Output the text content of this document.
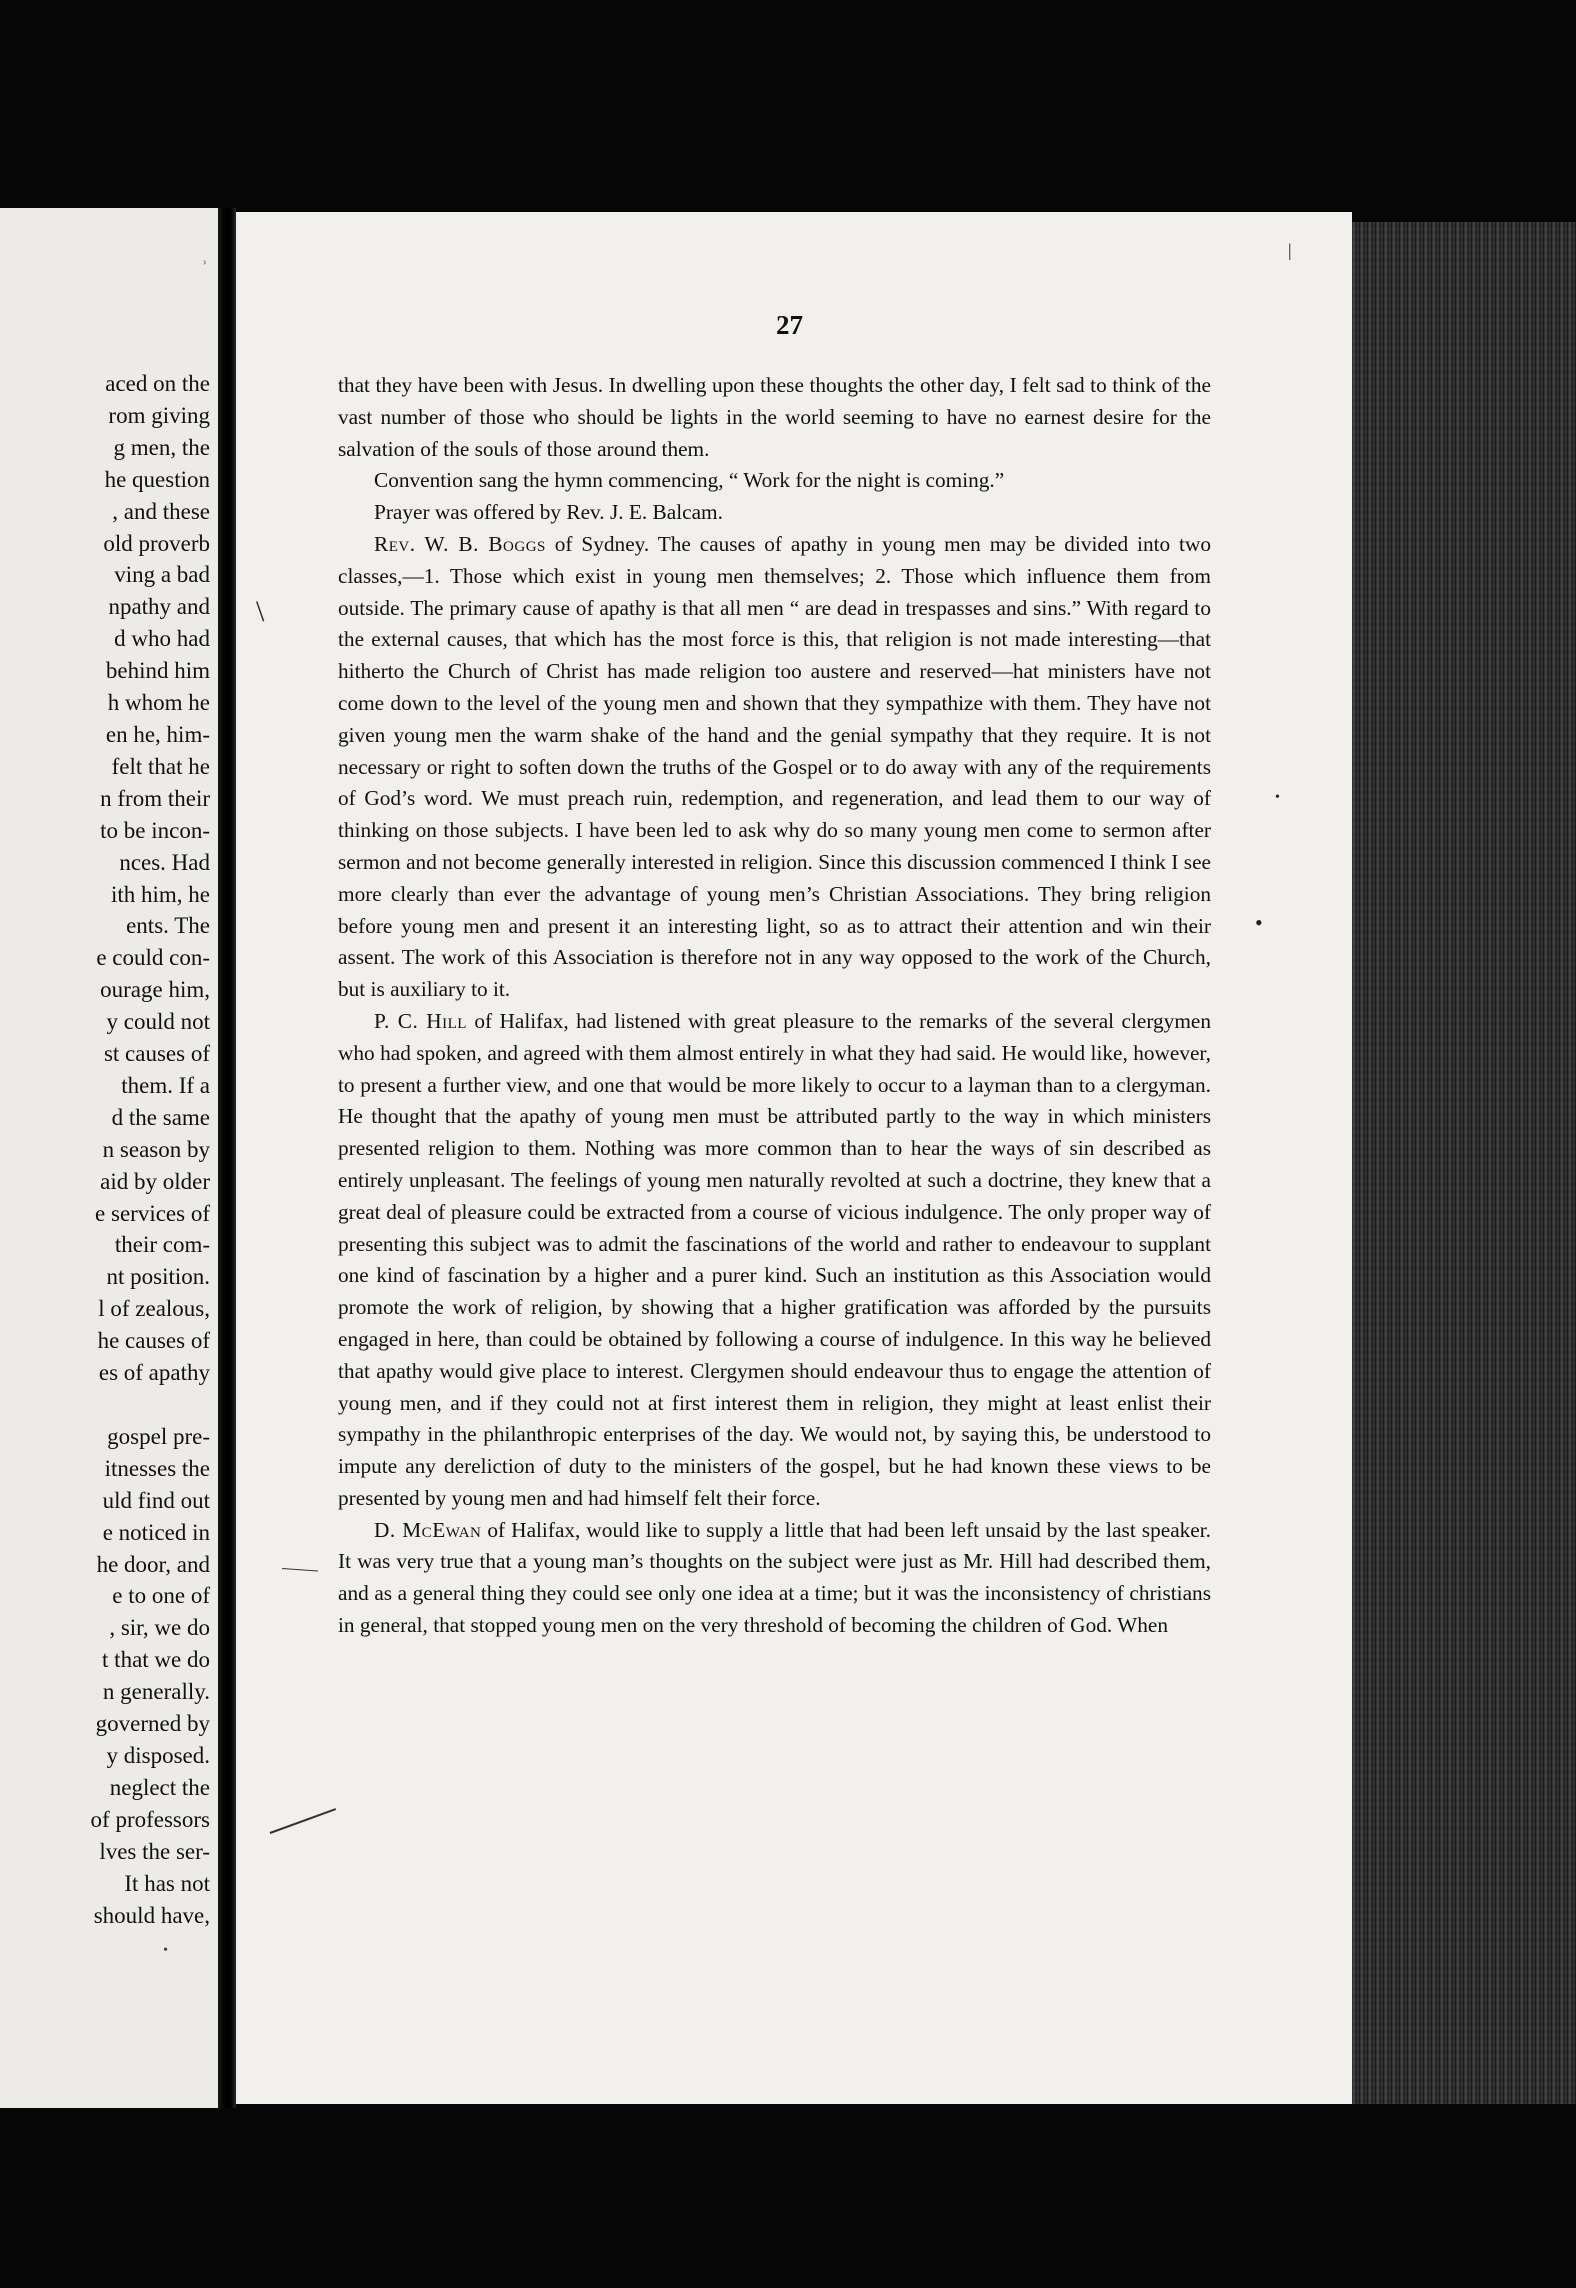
ʾ
aced on the
rom giving
g men, the
he question
, and these
old proverb
ving a bad
npathy and
d who had
behind him
h whom he
en he, him-
felt that he
n from their
to be incon-
nces. Had
ith him, he
ents. The
e could con-
ourage him,
y could not
st causes of
them. If a
d the same
n season by
aid by older
e services of
their com-
nt position.
l of zealous,
he causes of
es of apathy

gospel pre-
itnesses the
uld find out
e noticed in
he door, and
e to one of
, sir, we do
t that we do
n generally.
governed by
y disposed.
neglect the
of professors
lves the ser-
It has not
should have,
•
27

that they have been with Jesus. In dwelling upon these thoughts the other day, I felt sad to think of the vast number of those who should be lights in the world seeming to have no earnest desire for the salvation of the souls of those around them.

Convention sang the hymn commencing, “ Work for the night is coming.”

Prayer was offered by Rev. J. E. Balcam.

Rev. W. B. Boggs of Sydney. The causes of apathy in young men may be divided into two classes,—1. Those which exist in young men themselves; 2. Those which influence them from outside. The primary cause of apathy is that all men “ are dead in trespasses and sins.” With regard to the external causes, that which has the most force is this, that religion is not made interesting—that hitherto the Church of Christ has made religion too austere and reserved—hat ministers have not come down to the level of the young men and shown that they sympathize with them. They have not given young men the warm shake of the hand and the genial sympathy that they require. It is not necessary or right to soften down the truths of the Gospel or to do away with any of the requirements of God’s word. We must preach ruin, redemption, and regeneration, and lead them to our way of thinking on those subjects. I have been led to ask why do so many young men come to sermon after sermon and not become generally interested in religion. Since this discussion commenced I think I see more clearly than ever the advantage of young men’s Christian Associations. They bring religion before young men and present it an interesting light, so as to attract their attention and win their assent. The work of this Association is therefore not in any way opposed to the work of the Church, but is auxiliary to it.

P. C. Hill of Halifax, had listened with great pleasure to the remarks of the several clergymen who had spoken, and agreed with them almost entirely in what they had said. He would like, however, to present a further view, and one that would be more likely to occur to a layman than to a clergyman. He thought that the apathy of young men must be attributed partly to the way in which ministers presented religion to them. Nothing was more common than to hear the ways of sin described as entirely unpleasant. The feelings of young men naturally revolted at such a doctrine, they knew that a great deal of pleasure could be extracted from a course of vicious indulgence. The only proper way of presenting this subject was to admit the fascinations of the world and rather to endeavour to supplant one kind of fascination by a higher and a purer kind. Such an institution as this Association would promote the work of religion, by showing that a higher gratification was afforded by the pursuits engaged in here, than could be obtained by following a course of indulgence. In this way he believed that apathy would give place to interest. Clergymen should endeavour thus to engage the attention of young men, and if they could not at first interest them in religion, they might at least enlist their sympathy in the philanthropic enterprises of the day. We would not, by saying this, be understood to impute any dereliction of duty to the ministers of the gospel, but he had known these views to be presented by young men and had himself felt their force.

D. McEwan of Halifax, would like to supply a little that had been left unsaid by the last speaker. It was very true that a young man’s thoughts on the subject were just as Mr. Hill had described them, and as a general thing they could see only one idea at a time; but it was the inconsistency of christians in general, that stopped young men on the very threshold of becoming the children of God. When

\
•
•
|
